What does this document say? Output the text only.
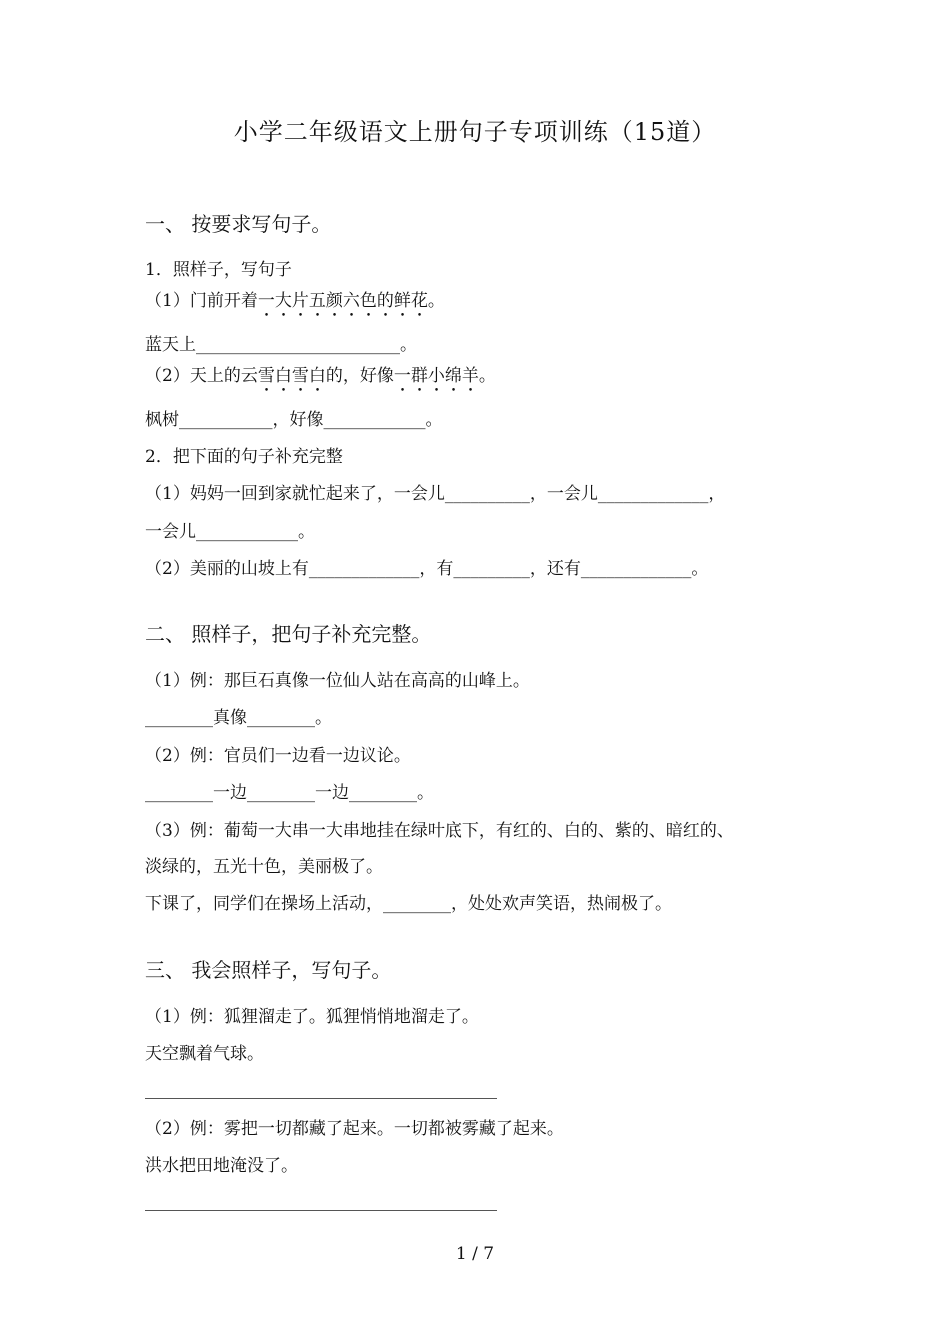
小学二年级语文上册句子专项训练（15道）
一、 按要求写句子。
1．照样子，写句子
（1）门前开着一大片五颜六色的鲜花。
蓝天上________________________。
（2）天上的云雪白雪白的，好像一群小绵羊。
枫树___________，好像____________。
2．把下面的句子补充完整
（1）妈妈一回到家就忙起来了，一会儿__________，一会儿_____________，
一会儿____________。
（2）美丽的山坡上有_____________，有_________，还有_____________。
二、 照样子，把句子补充完整。
（1）例：那巨石真像一位仙人站在高高的山峰上。
________真像________。
（2）例：官员们一边看一边议论。
________一边________一边________。
（3）例：葡萄一大串一大串地挂在绿叶底下，有红的、白的、紫的、暗红的、
淡绿的，五光十色，美丽极了。
下课了，同学们在操场上活动，________，处处欢声笑语，热闹极了。
三、 我会照样子，写句子。
（1）例：狐狸溜走了。狐狸悄悄地溜走了。
天空飘着气球。
（2）例：雾把一切都藏了起来。一切都被雾藏了起来。
洪水把田地淹没了。
1 / 7
